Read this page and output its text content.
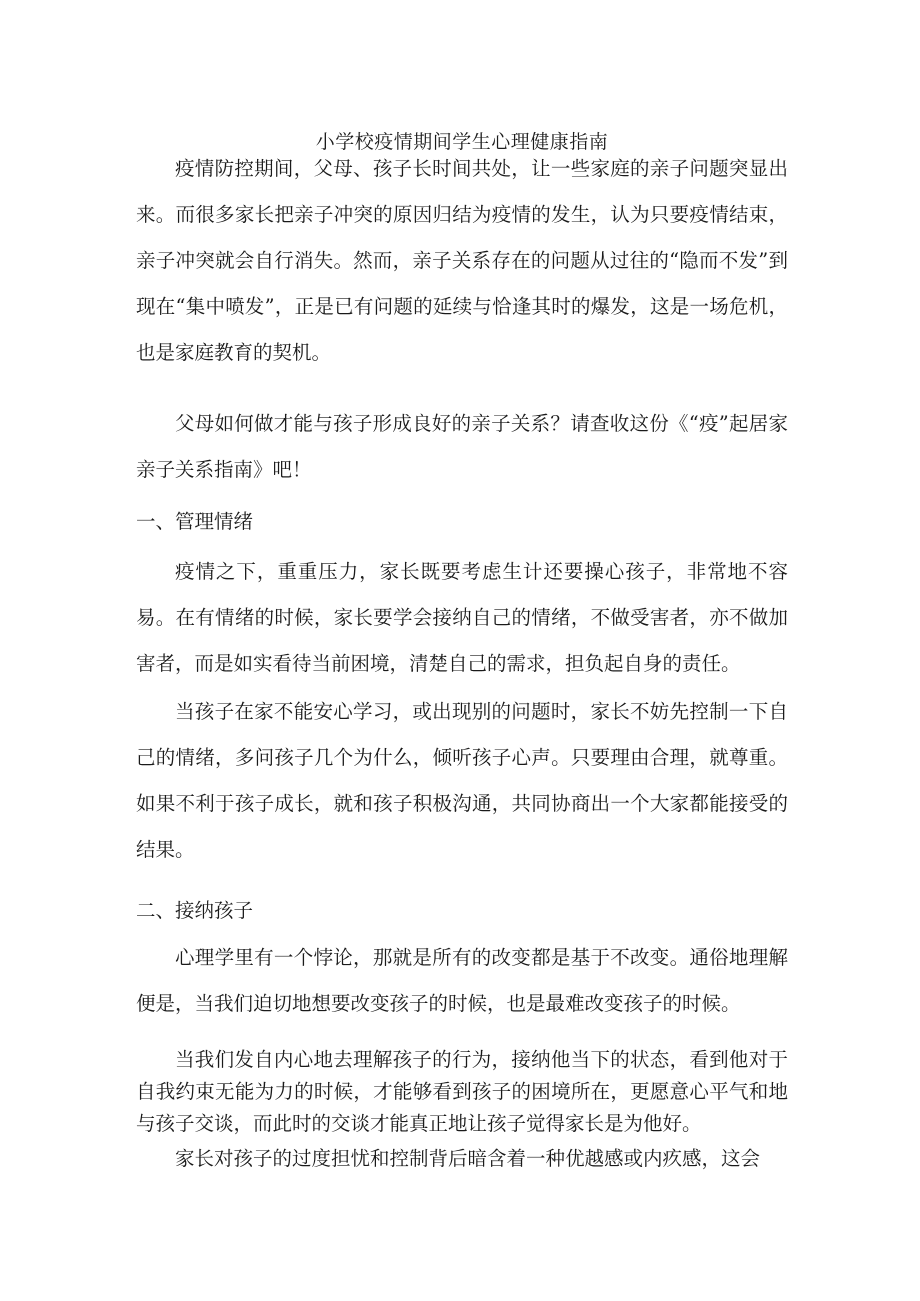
小学校疫情期间学生心理健康指南

疫情防控期间，父母、孩子长时间共处，让一些家庭的亲子问题突显出来。而很多家长把亲子冲突的原因归结为疫情的发生，认为只要疫情结束，亲子冲突就会自行消失。然而，亲子关系存在的问题从过往的“隐而不发”到现在“集中喷发”，正是已有问题的延续与恰逢其时的爆发，这是一场危机，也是家庭教育的契机。

父母如何做才能与孩子形成良好的亲子关系？请查收这份《“疫”起居家亲子关系指南》吧！

一、管理情绪

疫情之下，重重压力，家长既要考虑生计还要操心孩子，非常地不容易。在有情绪的时候，家长要学会接纳自己的情绪，不做受害者，亦不做加害者，而是如实看待当前困境，清楚自己的需求，担负起自身的责任。

当孩子在家不能安心学习，或出现别的问题时，家长不妨先控制一下自己的情绪，多问孩子几个为什么，倾听孩子心声。只要理由合理，就尊重。如果不利于孩子成长，就和孩子积极沟通，共同协商出一个大家都能接受的结果。

二、接纳孩子

心理学里有一个悖论，那就是所有的改变都是基于不改变。通俗地理解便是，当我们迫切地想要改变孩子的时候，也是最难改变孩子的时候。

当我们发自内心地去理解孩子的行为，接纳他当下的状态，看到他对于自我约束无能为力的时候，才能够看到孩子的困境所在，更愿意心平气和地与孩子交谈，而此时的交谈才能真正地让孩子觉得家长是为他好。

家长对孩子的过度担忧和控制背后暗含着一种优越感或内疚感，这会
